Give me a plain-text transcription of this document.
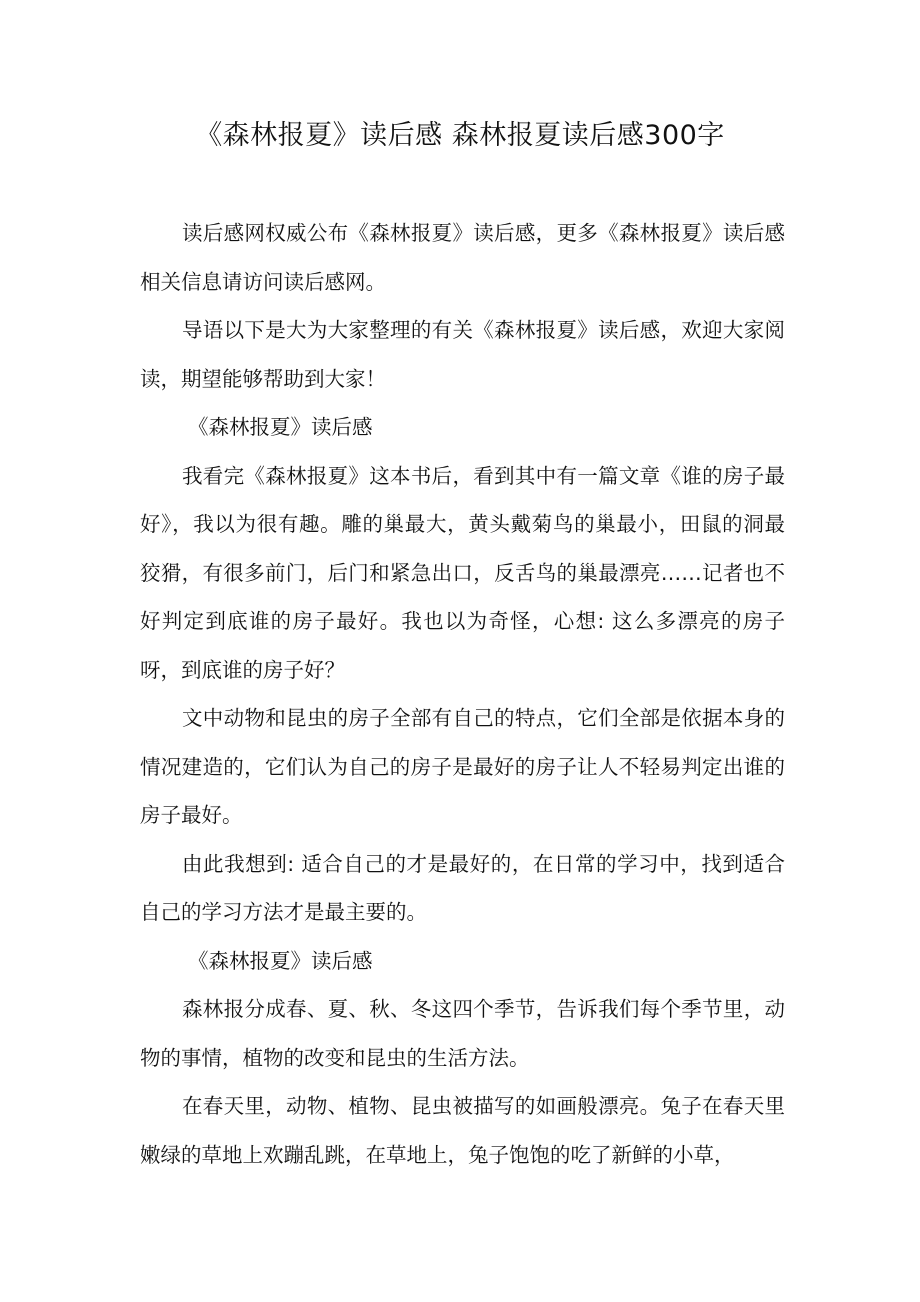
《森林报夏》读后感 森林报夏读后感300字

读后感网权威公布《森林报夏》读后感，更多《森林报夏》读后感相关信息请访问读后感网。

导语以下是大为大家整理的有关《森林报夏》读后感，欢迎大家阅读，期望能够帮助到大家！

《森林报夏》读后感

我看完《森林报夏》这本书后，看到其中有一篇文章《谁的房子最好》，我以为很有趣。雕的巢最大，黄头戴菊鸟的巢最小，田鼠的洞最狡猾，有很多前门，后门和紧急出口，反舌鸟的巢最漂亮……记者也不好判定到底谁的房子最好。我也以为奇怪，心想: 这么多漂亮的房子呀，到底谁的房子好？

文中动物和昆虫的房子全部有自己的特点，它们全部是依据本身的情况建造的，它们认为自己的房子是最好的房子让人不轻易判定出谁的房子最好。

由此我想到: 适合自己的才是最好的，在日常的学习中，找到适合自己的学习方法才是最主要的。

《森林报夏》读后感

森林报分成春、夏、秋、冬这四个季节，告诉我们每个季节里，动物的事情，植物的改变和昆虫的生活方法。

在春天里，动物、植物、昆虫被描写的如画般漂亮。兔子在春天里嫩绿的草地上欢蹦乱跳，在草地上，兔子饱饱的吃了新鲜的小草，
